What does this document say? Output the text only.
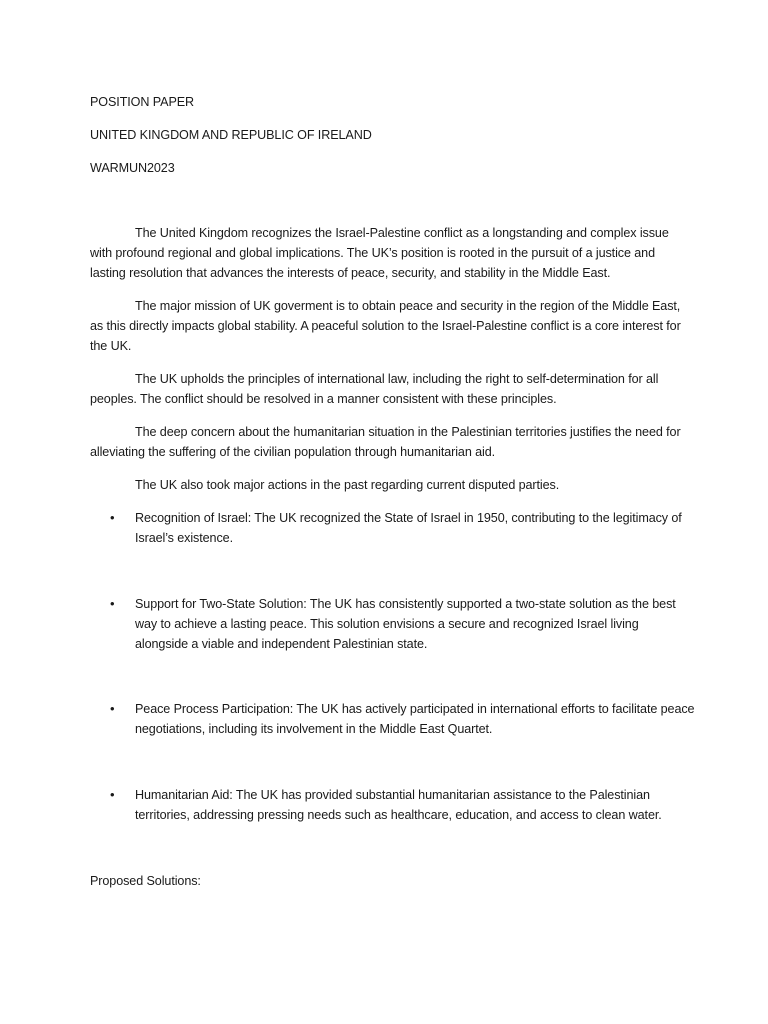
POSITION PAPER
UNITED KINGDOM AND REPUBLIC OF IRELAND
WARMUN2023

The United Kingdom recognizes the Israel-Palestine conflict as a longstanding and complex issue with profound regional and global implications. The UK’s position is rooted in the pursuit of a justice and lasting resolution that advances the interests of peace, security, and stability in the Middle East.

The major mission of UK goverment is to obtain peace and security in the region of the Middle East, as this directly impacts global stability. A peaceful solution to the Israel-Palestine conflict is a core interest for the UK.

The UK upholds the principles of international law, including the right to self-determination for all peoples. The conflict should be resolved in a manner consistent with these principles.

The deep concern about the humanitarian situation in the Palestinian territories justifies the need for alleviating the suffering of the civilian population through humanitarian aid.

The UK also took major actions in the past regarding current disputed parties.

• Recognition of Israel: The UK recognized the State of Israel in 1950, contributing to the legitimacy of Israel’s existence.
• Support for Two-State Solution: The UK has consistently supported a two-state solution as the best way to achieve a lasting peace. This solution envisions a secure and recognized Israel living alongside a viable and independent Palestinian state.
• Peace Process Participation: The UK has actively participated in international efforts to facilitate peace negotiations, including its involvement in the Middle East Quartet.
• Humanitarian Aid: The UK has provided substantial humanitarian assistance to the Palestinian territories, addressing pressing needs such as healthcare, education, and access to clean water.
Proposed Solutions:
